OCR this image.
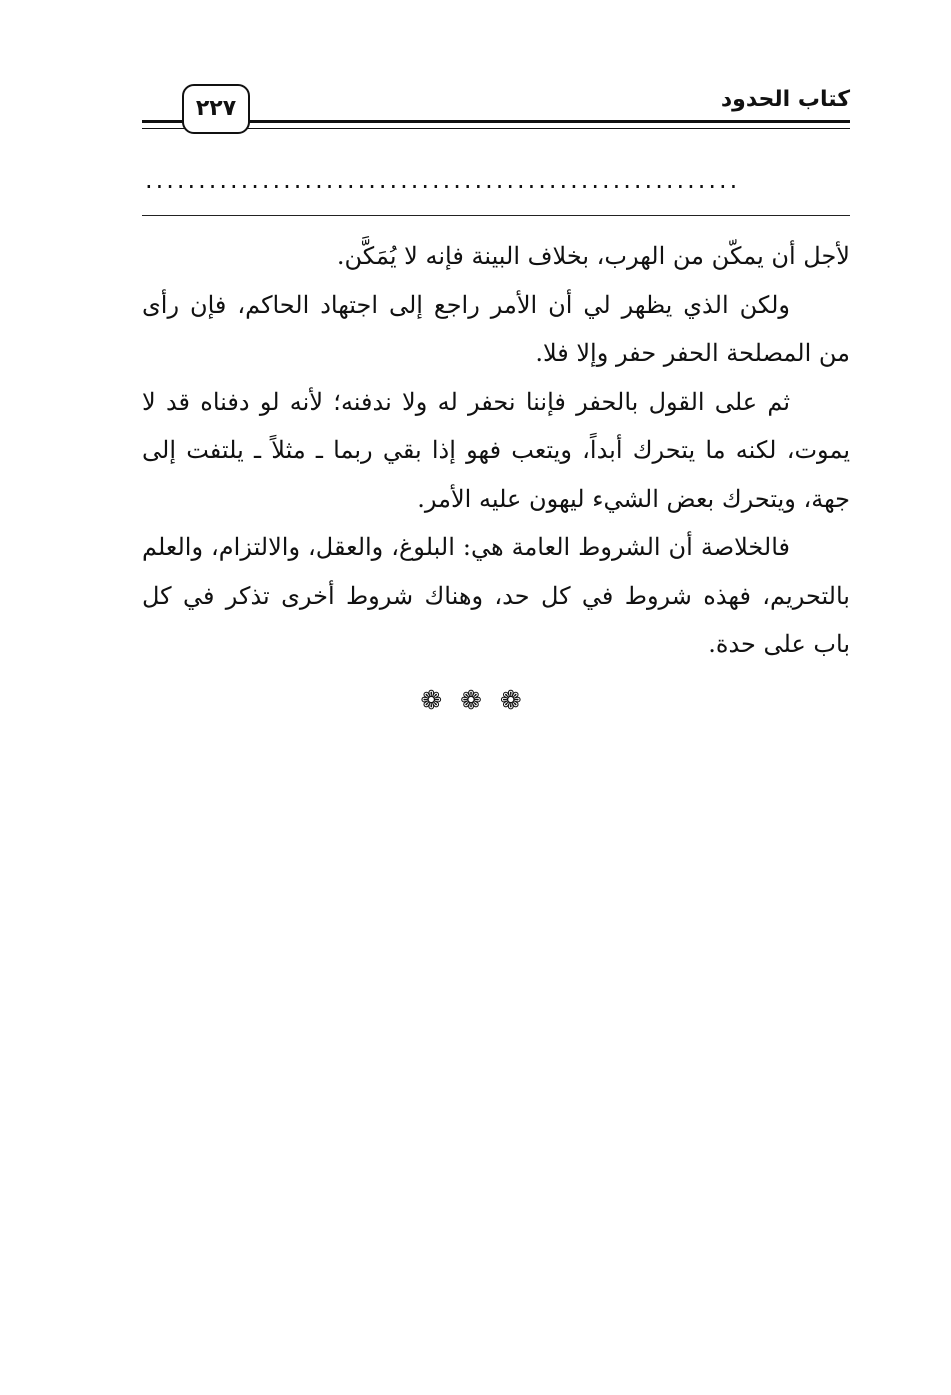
كتاب الحدود
٢٢٧
........................................................

لأجل أن يمكّن من الهرب، بخلاف البينة فإنه لا يُمَكَّن.

ولكن الذي يظهر لي أن الأمر راجع إلى اجتهاد الحاكم، فإن رأى من المصلحة الحفر حفر وإلا فلا.

ثم على القول بالحفر فإننا نحفر له ولا ندفنه؛ لأنه لو دفناه قد لا يموت، لكنه ما يتحرك أبداً، ويتعب فهو إذا بقي ربما ـ مثلاً ـ يلتفت إلى جهة، ويتحرك بعض الشيء ليهون عليه الأمر.

فالخلاصة أن الشروط العامة هي: البلوغ، والعقل، والالتزام، والعلم بالتحريم، فهذه شروط في كل حد، وهناك شروط أخرى تذكر في كل باب على حدة.

❁❁❁
